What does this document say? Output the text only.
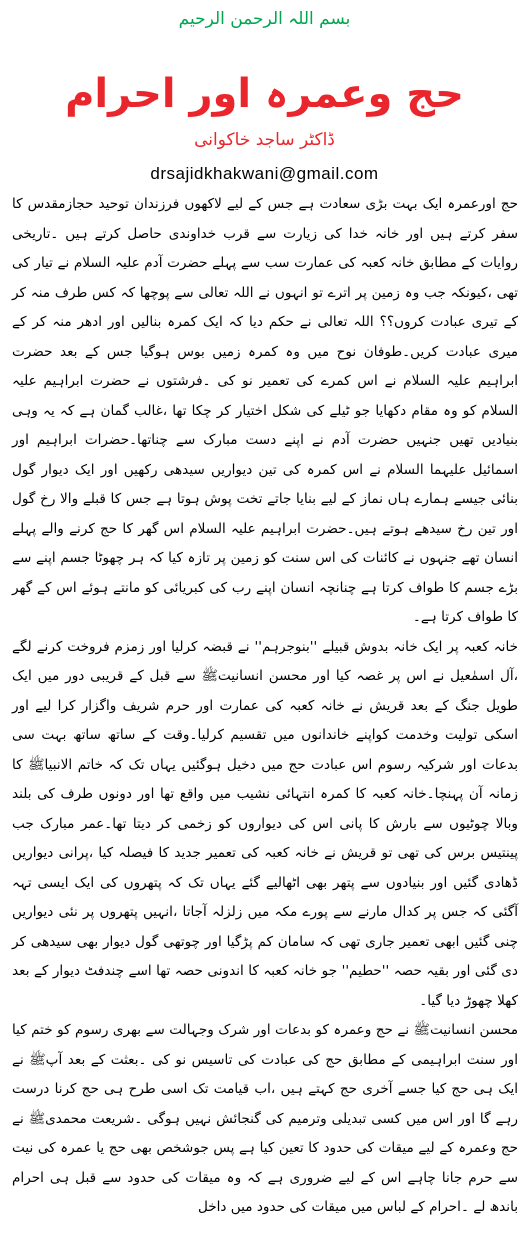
بسم اللہ الرحمن الرحیم
حج وعمرہ اور احرام
ڈاکٹر ساجد خاکوانی
drsajidkhakwani@gmail.com

حج اورعمرہ ایک بہت بڑی سعادت ہے جس کے لیے لاکھوں فرزندان توحید حجازمقدس کا سفر کرتے ہیں اور خانہ خدا کی زیارت سے قرب خداوندی حاصل کرتے ہیں ۔تاریخی روایات کے مطابق خانہ کعبہ کی عمارت سب سے پہلے حضرت آدم علیہ السلام نے تیار کی تھی ،کیونکہ جب وہ زمین پر اترے تو انہوں نے اللہ تعالی سے پوچھا کہ کس طرف منہ کر کے تیری عبادت کروں؟؟ اللہ تعالی نے حکم دیا کہ ایک کمرہ بنالیں اور ادھر منہ کر کے میری عبادت کریں۔طوفان نوح میں وہ کمرہ زمیں بوس ہوگیا جس کے بعد حضرت ابراہیم علیہ السلام نے اس کمرے کی تعمیر نو کی ۔فرشتوں نے حضرت ابراہیم علیہ السلام کو وہ مقام دکھایا جو ٹیلے کی شکل اختیار کر چکا تھا ،غالب گمان ہے کہ یہ وہی بنیادیں تھیں جنہیں حضرت آدم نے اپنے دست مبارک سے چناتھا۔حضرات ابراہیم اور اسمائیل علیہما السلام نے اس کمرہ کی تین دیواریں سیدھی رکھیں اور ایک دیوار گول بنائی جیسے ہمارے ہاں نماز کے لیے بنایا جاتے تخت پوش ہوتا ہے جس کا قبلے والا رخ گول اور تین رخ سیدھے ہوتے ہیں۔حضرت ابراہیم علیہ السلام اس گھر کا حج کرنے والے پہلے انسان تھے جنہوں نے کائنات کی اس سنت کو زمین پر تازہ کیا کہ ہر چھوٹا جسم اپنے سے بڑے جسم کا طواف کرتا ہے چنانچہ انسان اپنے رب کی کبریائی کو مانتے ہوئے اس کے گھر کا طواف کرتا ہے۔

خانہ کعبہ پر ایک خانہ بدوش قبیلے ''بنوجرہم'' نے قبضہ کرلیا اور زمزم فروخت کرنے لگے ،آل اسمٰعیل نے اس پر غصہ کیا اور محسن انسانیتﷺ سے قبل کے قریبی دور میں ایک طویل جنگ کے بعد قریش نے خانہ کعبہ کی عمارت اور حرم شریف واگزار کرا لیے اور اسکی تولیت وخدمت کواپنے خاندانوں میں تقسیم کرلیا۔وقت کے ساتھ ساتھ بہت سی بدعات اور شرکیہ رسوم اس عبادت حج میں دخیل ہوگئیں یہاں تک کہ خاتم الانبیاﷺ کا زمانہ آن پہنچا۔خانہ کعبہ کا کمرہ انتہائی نشیب میں واقع تھا اور دونوں طرف کی بلند وبالا چوٹیوں سے بارش کا پانی اس کی دیواروں کو زخمی کر دیتا تھا۔عمر مبارک جب پینتیس برس کی تھی تو قریش نے خانہ کعبہ کی تعمیر جدید کا فیصلہ کیا ،پرانی دیواریں ڈھادی گئیں اور بنیادوں سے پتھر بھی اٹھالیے گئے یہاں تک کہ پتھروں کی ایک ایسی تہہ آگئی کہ جس پر کدال مارنے سے پورے مکہ میں زلزلہ آجاتا ،انہیں پتھروں پر نئی دیواریں چنی گئیں ابھی تعمیر جاری تھی کہ سامان کم پڑگیا اور چوتھی گول دیوار بھی سیدھی کر دی گئی اور بقیہ حصہ ''حطیم'' جو خانہ کعبہ کا اندونی حصہ تھا اسے چندفٹ دیوار کے بعد کھلا چھوڑ دیا گیا۔

محسن انسانیتﷺ نے حج وعمرہ کو بدعات اور شرک وجہالت سے بھری رسوم کو ختم کیا اور سنت ابراہیمی کے مطابق حج کی عبادت کی تاسیس نو کی ۔بعثت کے بعد آپﷺ نے ایک ہی حج کیا جسے آخری حج کہتے ہیں ،اب قیامت تک اسی طرح ہی حج کرنا درست رہے گا اور اس میں کسی تبدیلی وترمیم کی گنجائش نہیں ہوگی ۔شریعت محمدیﷺ نے حج وعمرہ کے لیے میقات کی حدود کا تعین کیا ہے پس جوشخص بھی حج یا عمرہ کی نیت سے حرم جانا چاہے اس کے لیے ضروری ہے کہ وہ میقات کی حدود سے قبل ہی احرام باندھ لے ۔احرام کے لباس میں میقات کی حدود میں داخل
